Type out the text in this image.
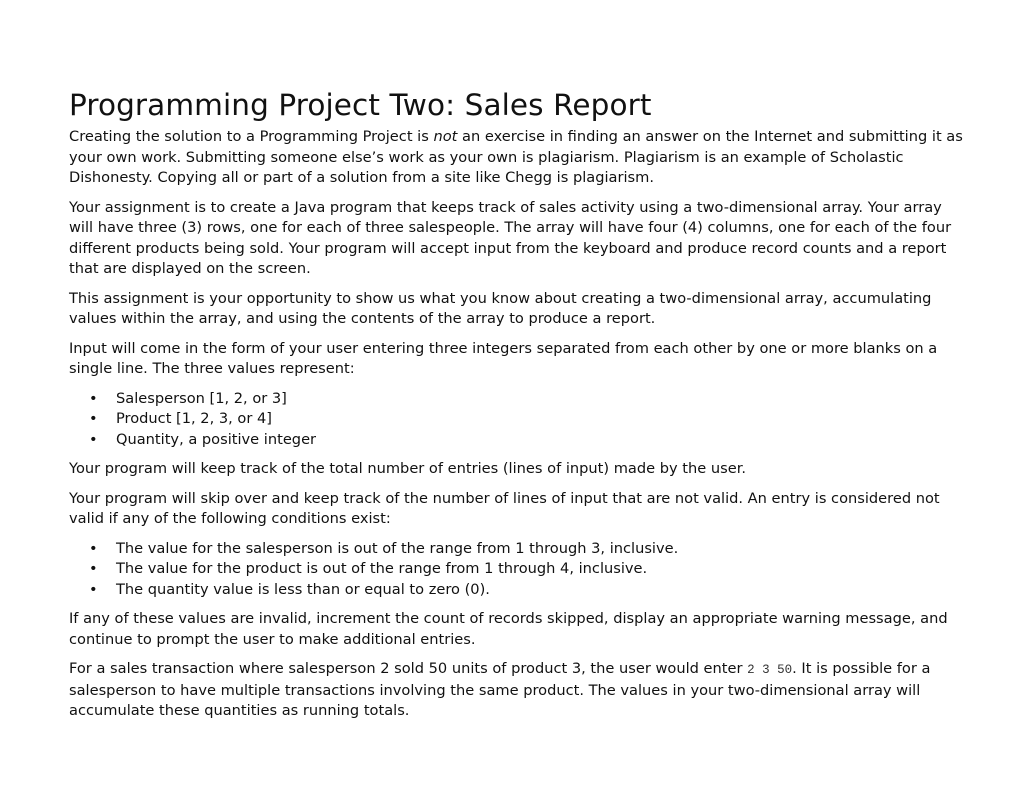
Programming Project Two: Sales Report

Creating the solution to a Programming Project is not an exercise in finding an answer on the Internet and submitting it as your own work. Submitting someone else’s work as your own is plagiarism. Plagiarism is an example of Scholastic Dishonesty. Copying all or part of a solution from a site like Chegg is plagiarism.

Your assignment is to create a Java program that keeps track of sales activity using a two-dimensional array. Your array will have three (3) rows, one for each of three salespeople. The array will have four (4) columns, one for each of the four different products being sold. Your program will accept input from the keyboard and produce record counts and a report that are displayed on the screen.

This assignment is your opportunity to show us what you know about creating a two-dimensional array, accumulating values within the array, and using the contents of the array to produce a report.

Input will come in the form of your user entering three integers separated from each other by one or more blanks on a single line. The three values represent:

• Salesperson [1, 2, or 3]
• Product [1, 2, 3, or 4]
• Quantity, a positive integer

Your program will keep track of the total number of entries (lines of input) made by the user.

Your program will skip over and keep track of the number of lines of input that are not valid. An entry is considered not valid if any of the following conditions exist:

• The value for the salesperson is out of the range from 1 through 3, inclusive.
• The value for the product is out of the range from 1 through 4, inclusive.
• The quantity value is less than or equal to zero (0).

If any of these values are invalid, increment the count of records skipped, display an appropriate warning message, and continue to prompt the user to make additional entries.

For a sales transaction where salesperson 2 sold 50 units of product 3, the user would enter 2 3 50. It is possible for a salesperson to have multiple transactions involving the same product. The values in your two-dimensional array will accumulate these quantities as running totals.
